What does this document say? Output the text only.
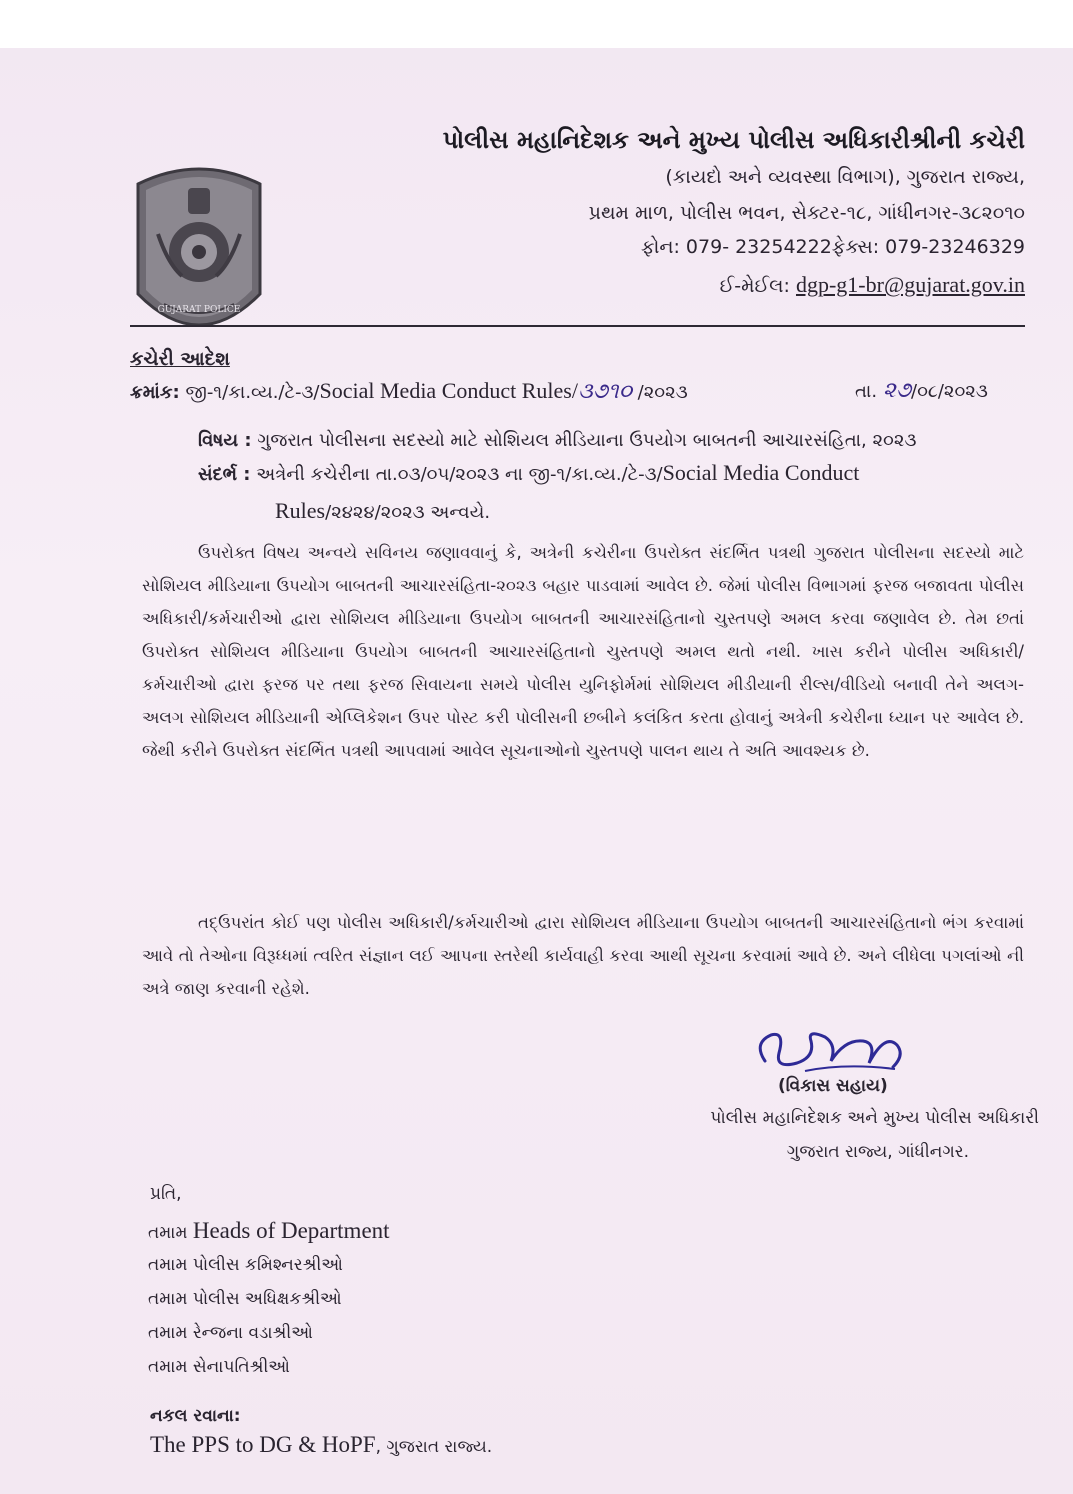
GUJARAT POLICE
પોલીસ મહાનિદેશક અને મુખ્ય પોલીસ અધિકારીશ્રીની કચેરી
(કાયદો અને વ્યવસ્થા વિભાગ), ગુજરાત રાજ્ય,
પ્રથમ માળ, પોલીસ ભવન, સેક્ટર-૧૮, ગાંધીનગર-૩૮૨૦૧૦
ફોન: 079- 23254222ફેક્સ: 079-23246329
ઈ-મેઈલ: dgp-g1-br@gujarat.gov.in
કચેરી આદેશ
ક્રમાંક: જી-૧/કા.વ્ય./ટે-૩/Social Media Conduct Rules/૩૭૧૦ /૨૦૨૩	તા. ૨૭/૦૮/૨૦૨૩
વિષય : ગુજરાત પોલીસના સદસ્યો માટે સોશિયલ મીડિયાના ઉપયોગ બાબતની આચારસંહિતા, ૨૦૨૩
સંદર્ભ : અત્રેની કચેરીના તા.૦૩/૦૫/૨૦૨૩ ના જી-૧/કા.વ્ય./ટે-૩/Social Media Conduct
Rules/૨૪૨૪/૨૦૨૩ અન્વયે.
ઉપરોક્ત વિષય અન્વયે સવિનય જણાવવાનું કે, અત્રેની કચેરીના ઉપરોક્ત સંદર્ભિત પત્રથી ગુજરાત પોલીસના સદસ્યો માટે સોશિયલ મીડિયાના ઉપયોગ બાબતની આચારસંહિતા-૨૦૨૩ બહાર પાડવામાં આવેલ છે. જેમાં પોલીસ વિભાગમાં ફરજ બજાવતા પોલીસ અધિકારી/કર્મચારીઓ દ્વારા સોશિયલ મીડિયાના ઉપયોગ બાબતની આચારસંહિતાનો ચુસ્તપણે અમલ કરવા જણાવેલ છે. તેમ છતાં ઉપરોક્ત સોશિયલ મીડિયાના ઉપયોગ બાબતની આચારસંહિતાનો ચુસ્તપણે અમલ થતો નથી. ખાસ કરીને પોલીસ અધિકારી/કર્મચારીઓ દ્વારા ફરજ પર તથા ફરજ સિવાયના સમયે પોલીસ યુનિફોર્મમાં સોશિયલ મીડીયાની રીલ્સ/વીડિયો બનાવી તેને અલગ-અલગ સોશિયલ મીડિયાની એપ્લિકેશન ઉપર પોસ્ટ કરી પોલીસની છબીને કલંકિત કરતા હોવાનું અત્રેની કચેરીના ધ્યાન પર આવેલ છે. જેથી કરીને ઉપરોક્ત સંદર્ભિત પત્રથી આપવામાં આવેલ સૂચનાઓનો ચુસ્તપણે પાલન થાય તે અતિ આવશ્યક છે.
તદ્ઉપરાંત કોઈ પણ પોલીસ અધિકારી/કર્મચારીઓ દ્વારા સોશિયલ મીડિયાના ઉપયોગ બાબતની આચારસંહિતાનો ભંગ કરવામાં આવે તો તેઓના વિરૂધ્ધમાં ત્વરિત સંજ્ઞાન લઈ આપના સ્તરેથી કાર્યવાહી કરવા આથી સૂચના કરવામાં આવે છે. અને લીધેલા પગલાંઓ ની અત્રે જાણ કરવાની રહેશે.
(વિકાસ સહાય)
પોલીસ મહાનિદેશક અને મુખ્ય પોલીસ અધિકારી
ગુજરાત રાજ્ય, ગાંધીનગર.
પ્રતિ,
તમામ Heads of Department
તમામ પોલીસ કમિશ્નરશ્રીઓ
તમામ પોલીસ અધિક્ષકશ્રીઓ
તમામ રેન્જના વડાશ્રીઓ
તમામ સેનાપતિશ્રીઓ
નકલ રવાના:
The PPS to DG & HoPF, ગુજરાત રાજ્ય.
